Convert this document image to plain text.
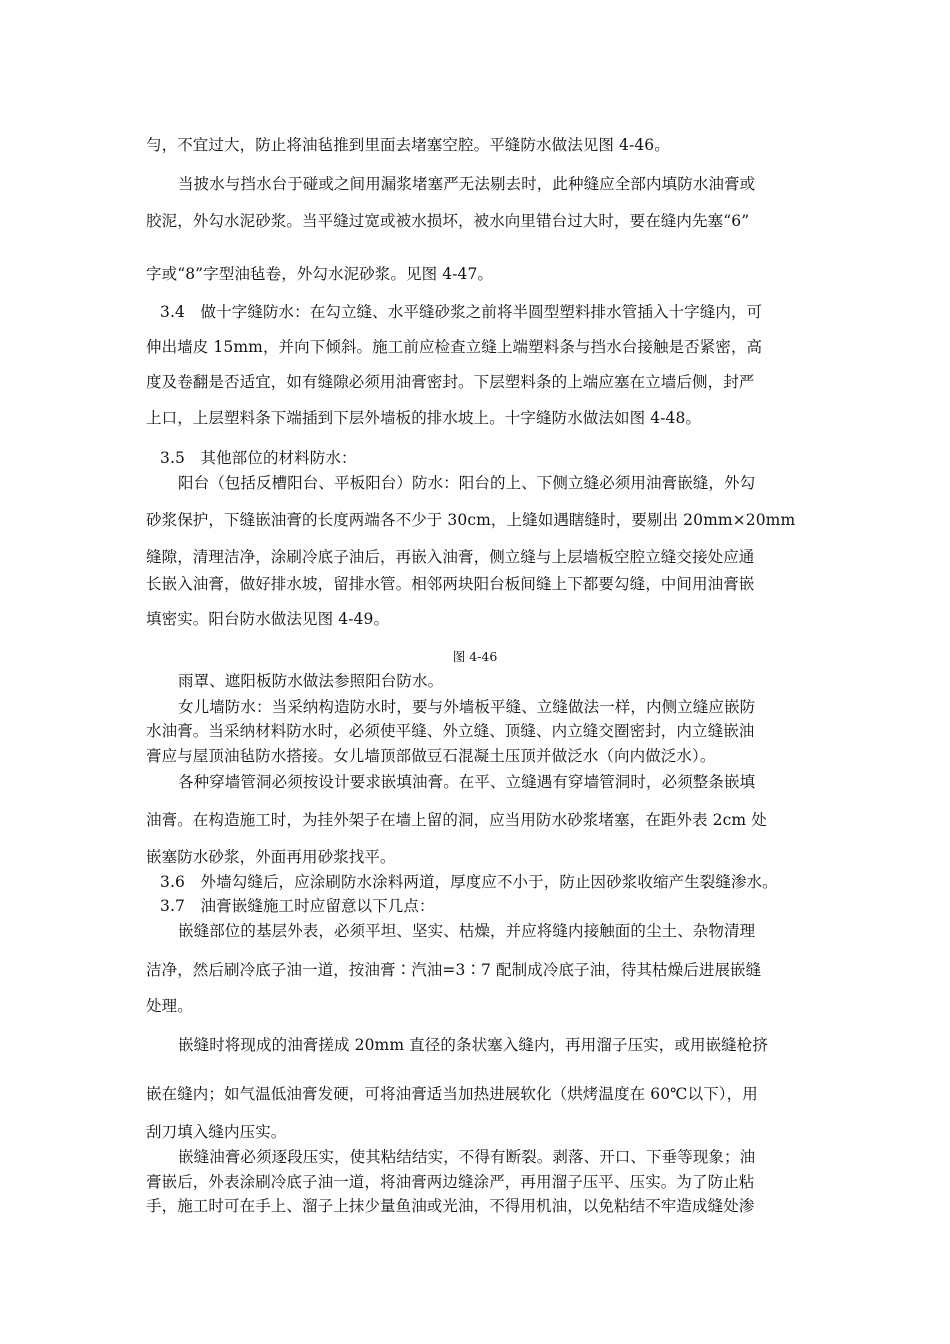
勻，不宜过大，防止将油毡推到里面去堵塞空腔。平缝防水做法见图 4-46。
当披水与挡水台于碰或之间用漏浆堵塞严无法剔去时，此种缝应全部内填防水油膏或
胶泥，外勾水泥砂浆。当平缝过宽或被水损坏，被水向里错台过大时，要在缝内先塞“6”
字或“8”字型油毡卷，外勾水泥砂浆。见图 4-47。
3.4　做十字缝防水：在勾立缝、水平缝砂浆之前将半圆型塑料排水管插入十字缝内，可
伸出墙皮 15mm，并向下倾斜。施工前应检查立缝上端塑料条与挡水台接触是否紧密，高
度及卷翻是否适宜，如有缝隙必须用油膏密封。下层塑料条的上端应塞在立墙后侧，封严
上口，上层塑料条下端插到下层外墙板的排水坡上。十字缝防水做法如图 4-48。
3.5　其他部位的材料防水：
阳台（包括反槽阳台、平板阳台）防水：阳台的上、下侧立缝必须用油膏嵌缝，外勾
砂浆保护，下缝嵌油膏的长度两端各不少于 30cm，上缝如遇瞎缝时，要剔出 20mm×20mm
缝隙，清理洁净，涂刷冷底子油后，再嵌入油膏，侧立缝与上层墙板空腔立缝交接处应通
长嵌入油膏，做好排水坡，留排水管。相邻两块阳台板间缝上下都要勾缝，中间用油膏嵌
填密实。阳台防水做法见图 4-49。
图 4-46
雨罩、遮阳板防水做法参照阳台防水。
女儿墙防水：当采纳构造防水时，要与外墙板平缝、立缝做法一样，内侧立缝应嵌防
水油膏。当采纳材料防水时，必须使平缝、外立缝、顶缝、内立缝交圈密封，内立缝嵌油
膏应与屋顶油毡防水搭接。女儿墙顶部做豆石混凝土压顶并做泛水（向内做泛水）。
各种穿墙管洞必须按设计要求嵌填油膏。在平、立缝遇有穿墙管洞时，必须整条嵌填
油膏。在构造施工时，为挂外架子在墙上留的洞，应当用防水砂浆堵塞，在距外表 2cm 处
嵌塞防水砂浆，外面再用砂浆找平。
3.6　外墙勾缝后，应涂刷防水涂料两道，厚度应不小于，防止因砂浆收缩产生裂缝渗水。
3.7　油膏嵌缝施工时应留意以下几点：
嵌缝部位的基层外表，必须平坦、坚实、枯燥，并应将缝内接触面的尘土、杂物清理
洁净，然后刷冷底子油一道，按油膏∶汽油=3∶7 配制成冷底子油，待其枯燥后进展嵌缝
处理。
嵌缝时将现成的油膏搓成 20mm 直径的条状塞入缝内，再用溜子压实，或用嵌缝枪挤
嵌在缝内；如气温低油膏发硬，可将油膏适当加热进展软化（烘烤温度在 60℃以下），用
刮刀填入缝内压实。
嵌缝油膏必须逐段压实，使其粘结结实，不得有断裂。剥落、开口、下垂等现象；油
膏嵌后，外表涂刷冷底子油一道，将油膏两边缝涂严，再用溜子压平、压实。为了防止粘
手，施工时可在手上、溜子上抹少量鱼油或光油，不得用机油，以免粘结不牢造成缝处渗
